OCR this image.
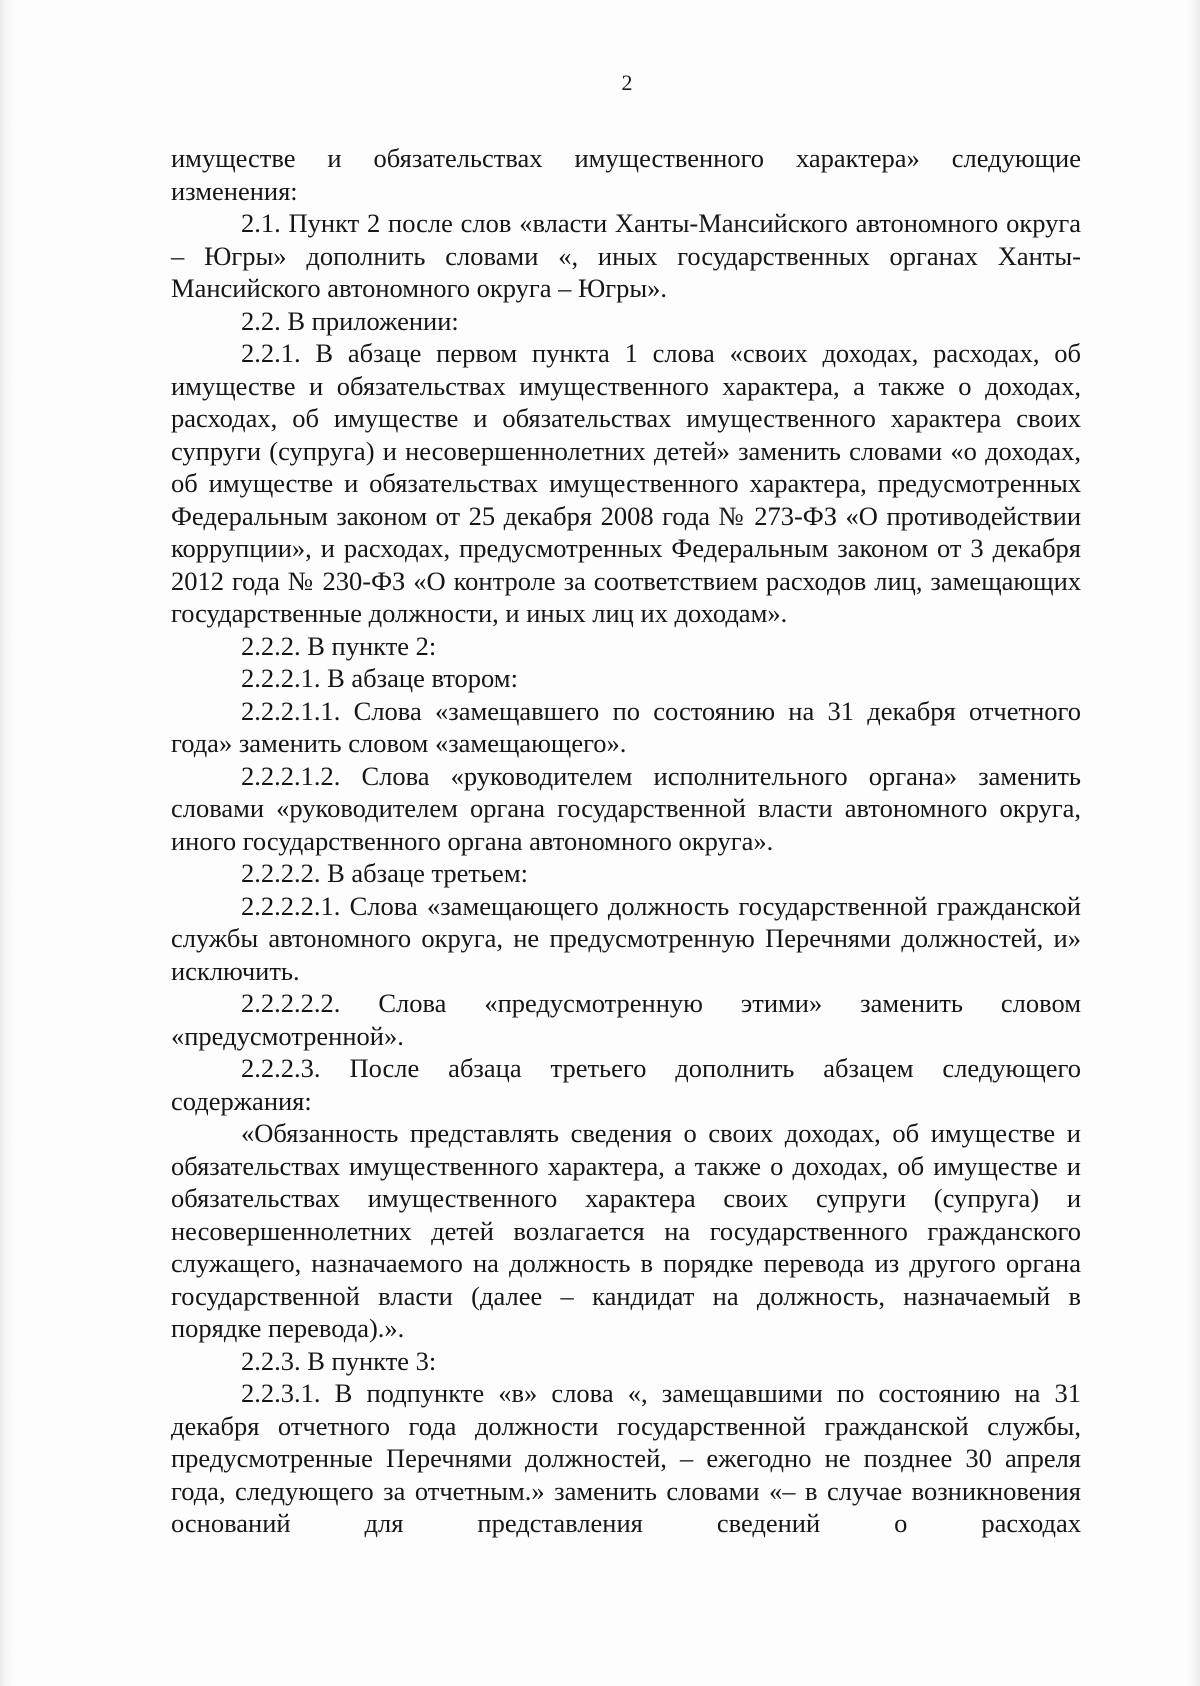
2

имуществе и обязательствах имущественного характера» следующие изменения:

2.1. Пункт 2 после слов «власти Ханты-Мансийского автономного округа – Югры» дополнить словами «, иных государственных органах Ханты-Мансийского автономного округа – Югры».

2.2. В приложении:

2.2.1. В абзаце первом пункта 1 слова «своих доходах, расходах, об имуществе и обязательствах имущественного характера, а также о доходах, расходах, об имуществе и обязательствах имущественного характера своих супруги (супруга) и несовершеннолетних детей» заменить словами «о доходах, об имуществе и обязательствах имущественного характера, предусмотренных Федеральным законом от 25 декабря 2008 года № 273-ФЗ «О противодействии коррупции», и расходах, предусмотренных Федеральным законом от 3 декабря 2012 года № 230-ФЗ «О контроле за соответствием расходов лиц, замещающих государственные должности, и иных лиц их доходам».

2.2.2. В пункте 2:

2.2.2.1. В абзаце втором:

2.2.2.1.1. Слова «замещавшего по состоянию на 31 декабря отчетного года» заменить словом «замещающего».

2.2.2.1.2. Слова «руководителем исполнительного органа» заменить словами «руководителем органа государственной власти автономного округа, иного государственного органа автономного округа».

2.2.2.2. В абзаце третьем:

2.2.2.2.1. Слова «замещающего должность государственной гражданской службы автономного округа, не предусмотренную Перечнями должностей, и» исключить.

2.2.2.2.2. Слова «предусмотренную этими» заменить словом «предусмотренной».

2.2.2.3. После абзаца третьего дополнить абзацем следующего содержания:

«Обязанность представлять сведения о своих доходах, об имуществе и обязательствах имущественного характера, а также о доходах, об имуществе и обязательствах имущественного характера своих супруги (супруга) и несовершеннолетних детей возлагается на государственного гражданского служащего, назначаемого на должность в порядке перевода из другого органа государственной власти (далее – кандидат на должность, назначаемый в порядке перевода).».

2.2.3. В пункте 3:

2.2.3.1. В подпункте «в» слова «, замещавшими по состоянию на 31 декабря отчетного года должности государственной гражданской службы, предусмотренные Перечнями должностей, – ежегодно не позднее 30 апреля года, следующего за отчетным.» заменить словами «– в случае возникновения оснований для представления сведений о расходах
